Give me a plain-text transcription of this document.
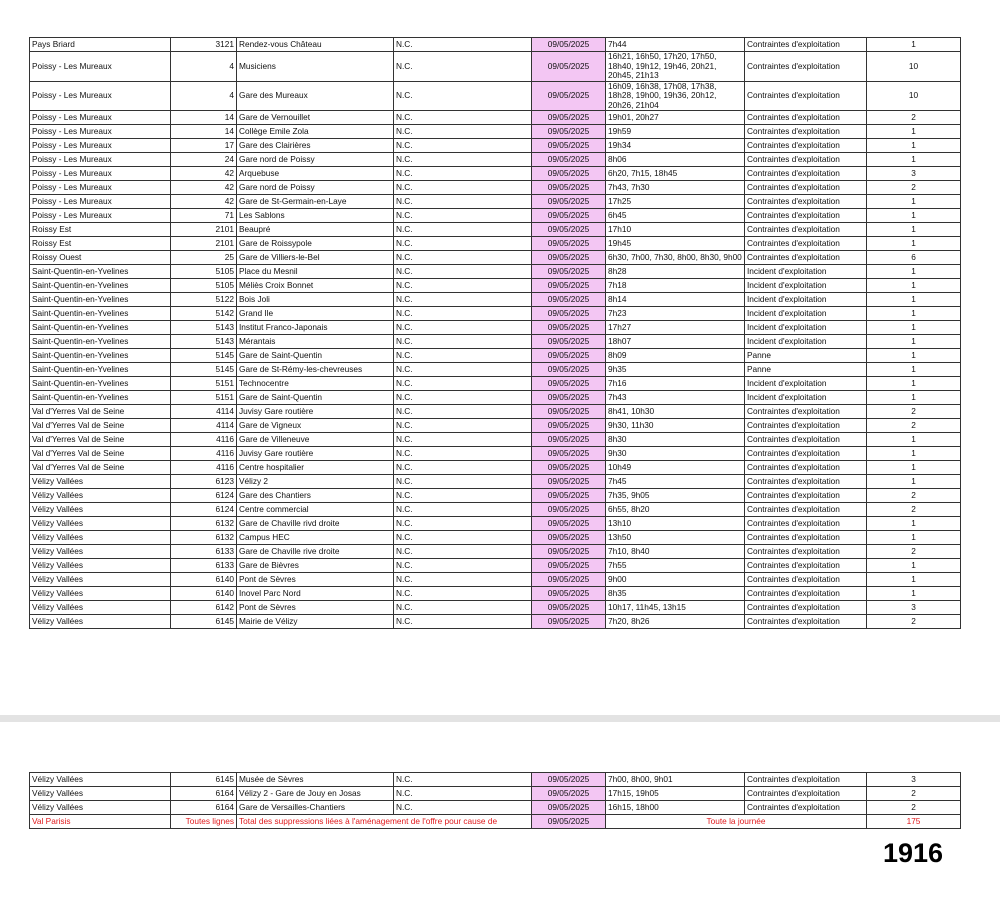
Pays Briard	3121	Rendez-vous Château	N.C.	09/05/2025	7h44	Contraintes d'exploitation	1
Poissy - Les Mureaux	4	Musiciens	N.C.	09/05/2025	16h21, 16h50, 17h20, 17h50, 18h40, 19h12, 19h46, 20h21, 20h45, 21h13	Contraintes d'exploitation	10
Poissy - Les Mureaux	4	Gare des Mureaux	N.C.	09/05/2025	16h09, 16h38, 17h08, 17h38, 18h28, 19h00, 19h36, 20h12, 20h26, 21h04	Contraintes d'exploitation	10
Poissy - Les Mureaux	14	Gare de Vernouillet	N.C.	09/05/2025	19h01, 20h27	Contraintes d'exploitation	2
Poissy - Les Mureaux	14	Collège Emile Zola	N.C.	09/05/2025	19h59	Contraintes d'exploitation	1
Poissy - Les Mureaux	17	Gare des Clairières	N.C.	09/05/2025	19h34	Contraintes d'exploitation	1
Poissy - Les Mureaux	24	Gare nord de Poissy	N.C.	09/05/2025	8h06	Contraintes d'exploitation	1
Poissy - Les Mureaux	42	Arquebuse	N.C.	09/05/2025	6h20, 7h15, 18h45	Contraintes d'exploitation	3
Poissy - Les Mureaux	42	Gare nord de Poissy	N.C.	09/05/2025	7h43, 7h30	Contraintes d'exploitation	2
Poissy - Les Mureaux	42	Gare de St-Germain-en-Laye	N.C.	09/05/2025	17h25	Contraintes d'exploitation	1
Poissy - Les Mureaux	71	Les Sablons	N.C.	09/05/2025	6h45	Contraintes d'exploitation	1
Roissy Est	2101	Beaupré	N.C.	09/05/2025	17h10	Contraintes d'exploitation	1
Roissy Est	2101	Gare de Roissypole	N.C.	09/05/2025	19h45	Contraintes d'exploitation	1
Roissy Ouest	25	Gare de Villiers-le-Bel	N.C.	09/05/2025	6h30, 7h00, 7h30, 8h00, 8h30, 9h00	Contraintes d'exploitation	6
Saint-Quentin-en-Yvelines	5105	Place du Mesnil	N.C.	09/05/2025	8h28	Incident d'exploitation	1
Saint-Quentin-en-Yvelines	5105	Méliès Croix Bonnet	N.C.	09/05/2025	7h18	Incident d'exploitation	1
Saint-Quentin-en-Yvelines	5122	Bois Joli	N.C.	09/05/2025	8h14	Incident d'exploitation	1
Saint-Quentin-en-Yvelines	5142	Grand Ile	N.C.	09/05/2025	7h23	Incident d'exploitation	1
Saint-Quentin-en-Yvelines	5143	Institut Franco-Japonais	N.C.	09/05/2025	17h27	Incident d'exploitation	1
Saint-Quentin-en-Yvelines	5143	Mérantais	N.C.	09/05/2025	18h07	Incident d'exploitation	1
Saint-Quentin-en-Yvelines	5145	Gare de Saint-Quentin	N.C.	09/05/2025	8h09	Panne	1
Saint-Quentin-en-Yvelines	5145	Gare de St-Rémy-les-chevreuses	N.C.	09/05/2025	9h35	Panne	1
Saint-Quentin-en-Yvelines	5151	Technocentre	N.C.	09/05/2025	7h16	Incident d'exploitation	1
Saint-Quentin-en-Yvelines	5151	Gare de Saint-Quentin	N.C.	09/05/2025	7h43	Incident d'exploitation	1
Val d'Yerres Val de Seine	4114	Juvisy Gare routière	N.C.	09/05/2025	8h41, 10h30	Contraintes d'exploitation	2
Val d'Yerres Val de Seine	4114	Gare de Vigneux	N.C.	09/05/2025	9h30, 11h30	Contraintes d'exploitation	2
Val d'Yerres Val de Seine	4116	Gare de Villeneuve	N.C.	09/05/2025	8h30	Contraintes d'exploitation	1
Val d'Yerres Val de Seine	4116	Juvisy Gare routière	N.C.	09/05/2025	9h30	Contraintes d'exploitation	1
Val d'Yerres Val de Seine	4116	Centre hospitalier	N.C.	09/05/2025	10h49	Contraintes d'exploitation	1
Vélizy Vallées	6123	Vélizy 2	N.C.	09/05/2025	7h45	Contraintes d'exploitation	1
Vélizy Vallées	6124	Gare des Chantiers	N.C.	09/05/2025	7h35, 9h05	Contraintes d'exploitation	2
Vélizy Vallées	6124	Centre commercial	N.C.	09/05/2025	6h55, 8h20	Contraintes d'exploitation	2
Vélizy Vallées	6132	Gare de Chaville rivd droite	N.C.	09/05/2025	13h10	Contraintes d'exploitation	1
Vélizy Vallées	6132	Campus HEC	N.C.	09/05/2025	13h50	Contraintes d'exploitation	1
Vélizy Vallées	6133	Gare de Chaville rive droite	N.C.	09/05/2025	7h10, 8h40	Contraintes d'exploitation	2
Vélizy Vallées	6133	Gare de Bièvres	N.C.	09/05/2025	7h55	Contraintes d'exploitation	1
Vélizy Vallées	6140	Pont de Sèvres	N.C.	09/05/2025	9h00	Contraintes d'exploitation	1
Vélizy Vallées	6140	Inovel Parc Nord	N.C.	09/05/2025	8h35	Contraintes d'exploitation	1
Vélizy Vallées	6142	Pont de Sèvres	N.C.	09/05/2025	10h17, 11h45, 13h15	Contraintes d'exploitation	3
Vélizy Vallées	6145	Mairie de Vélizy	N.C.	09/05/2025	7h20, 8h26	Contraintes d'exploitation	2
Vélizy Vallées	6145	Musée de Sèvres	N.C.	09/05/2025	7h00, 8h00, 9h01	Contraintes d'exploitation	3
Vélizy Vallées	6164	Vélizy 2 - Gare de Jouy en Josas	N.C.	09/05/2025	17h15, 19h05	Contraintes d'exploitation	2
Vélizy Vallées	6164	Gare de Versailles-Chantiers	N.C.	09/05/2025	16h15, 18h00	Contraintes d'exploitation	2
Val Parisis	Toutes lignes	Total des suppressions liées à l'aménagement de l'offre pour cause de		09/05/2025	Toute la journée		175
1916
